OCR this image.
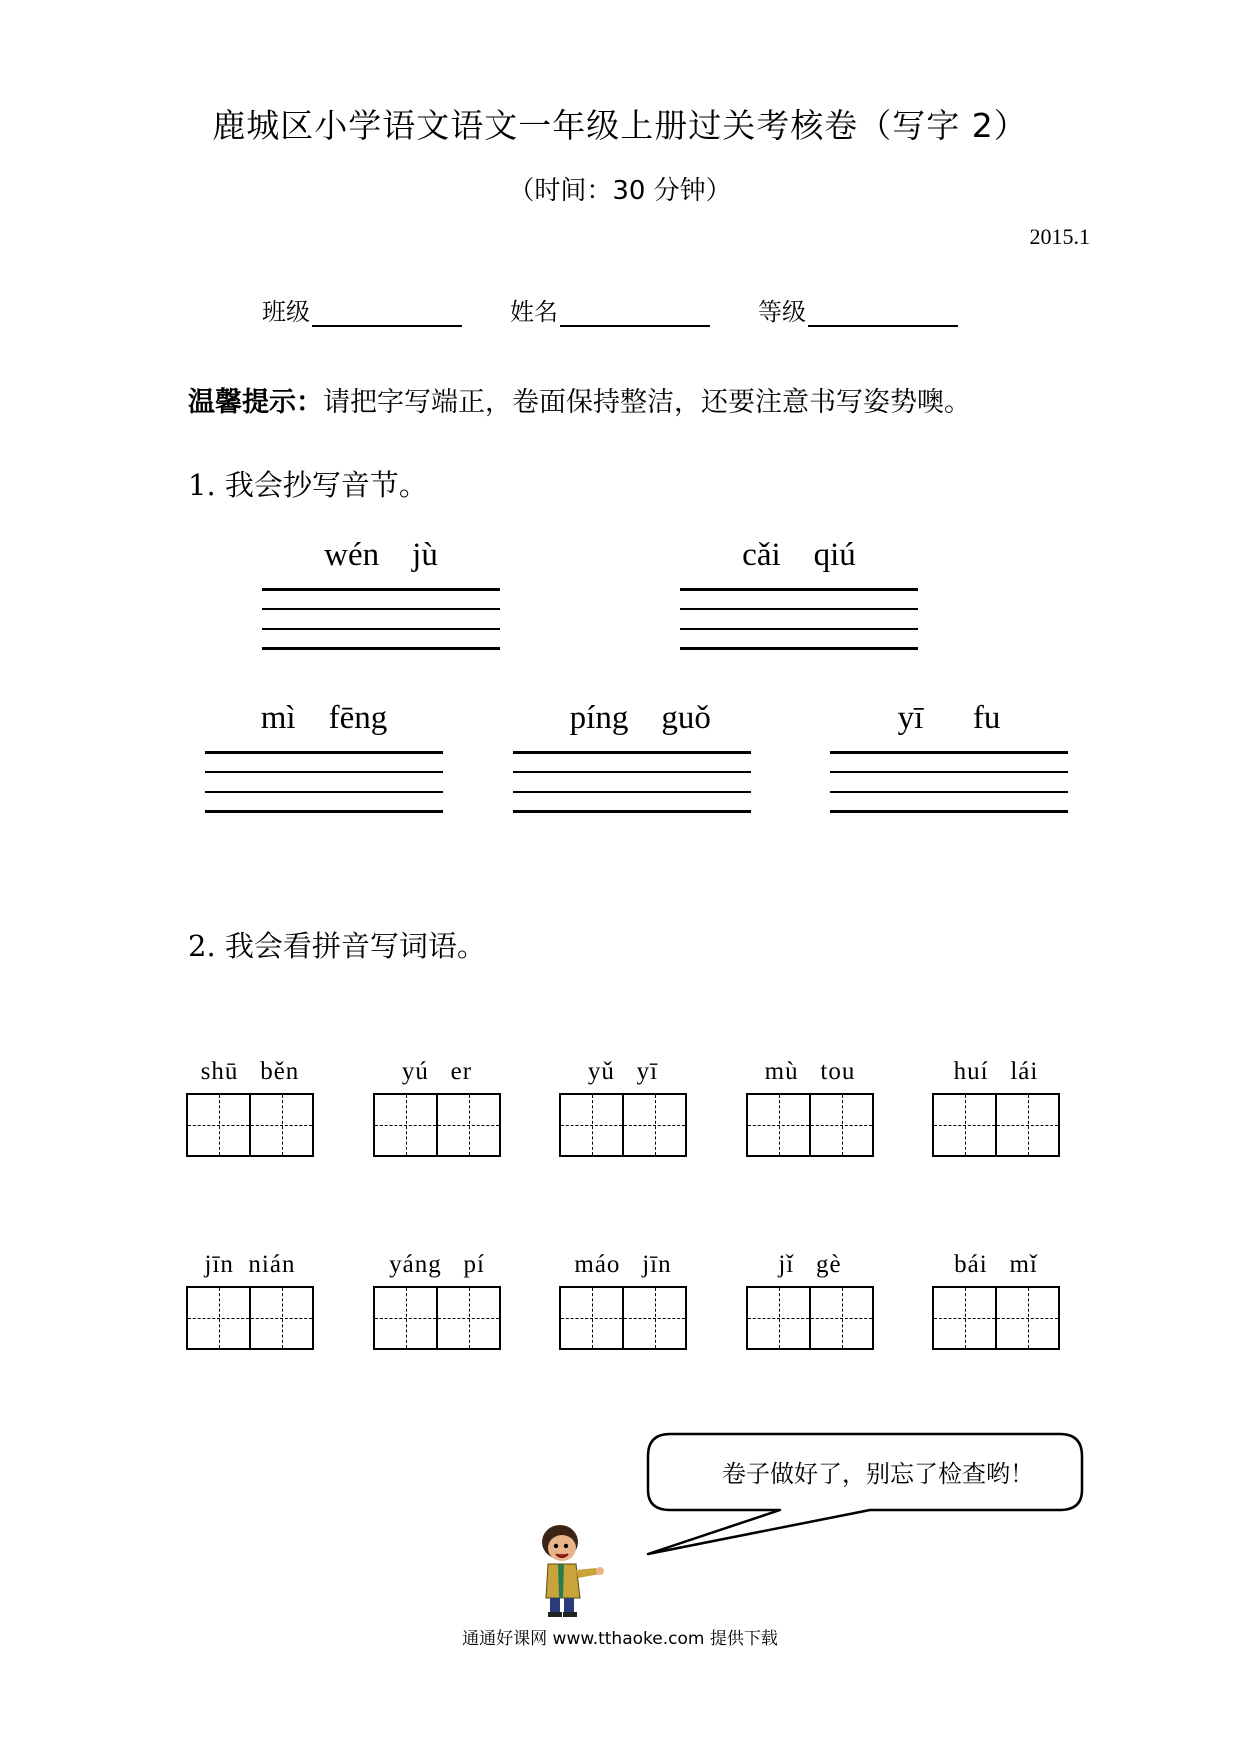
鹿城区小学语文语文一年级上册过关考核卷（写字 2）
（时间：30 分钟）
2015.1
班级	姓名	等级
温馨提示：请把字写端正，卷面保持整洁，还要注意书写姿势噢。
1. 我会抄写音节。
wén jù	cǎi qiú
mì fēng	píng guǒ	yī fu
2. 我会看拼音写词语。
shū běn	yú er	yǔ yī	mù tou	huí lái
jīn nián	yáng pí	máo jīn	jǐ gè	bái mǐ
卷子做好了，别忘了检查哟！
通通好课网 www.tthaoke.com 提供下载
